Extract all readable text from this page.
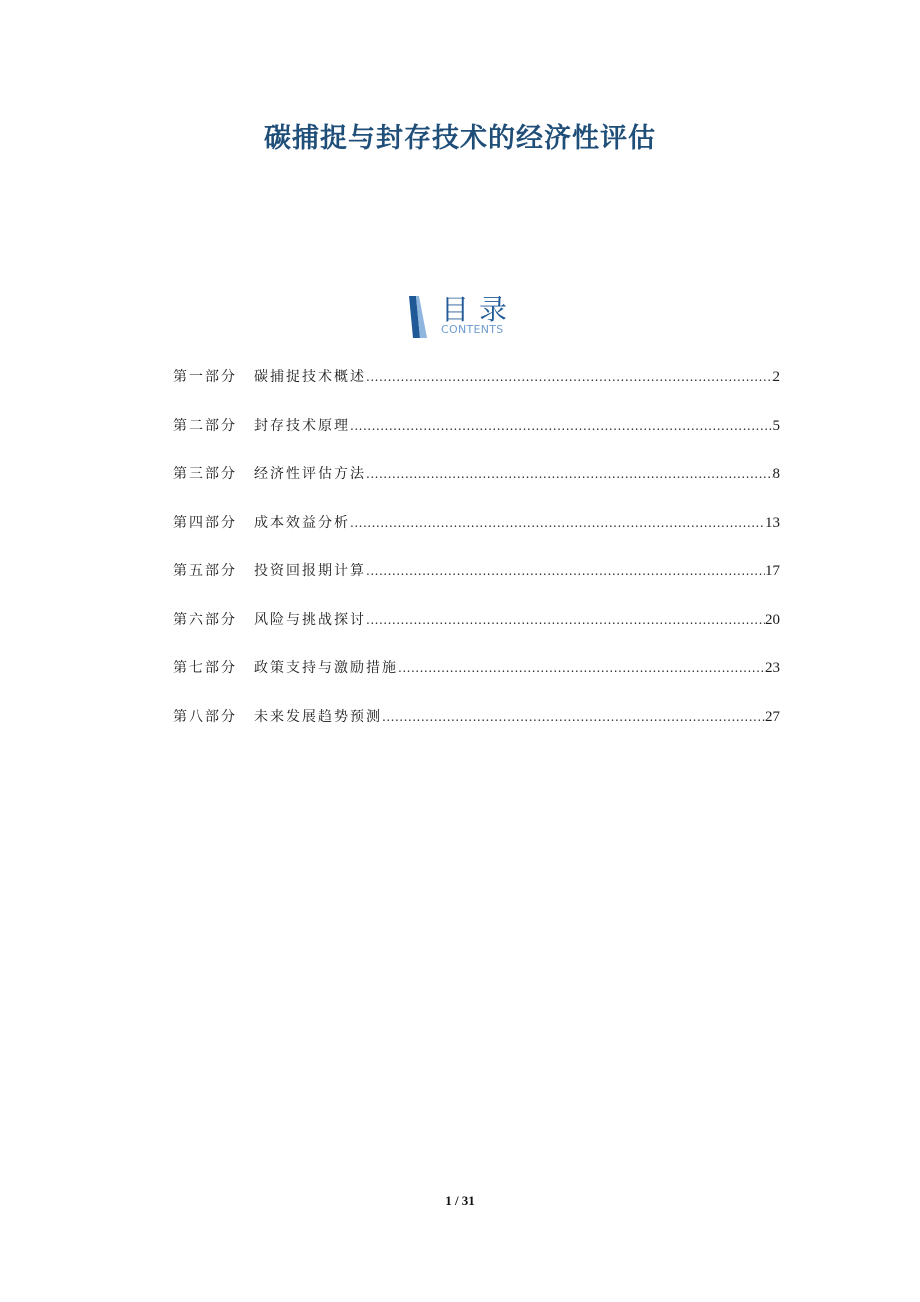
碳捕捉与封存技术的经济性评估
目录
CONTENTS
第一部分	碳捕捉技术概述 .....	2
第二部分	封存技术原理 .....	5
第三部分	经济性评估方法 .....	8
第四部分	成本效益分析 .....	13
第五部分	投资回报期计算 .....	17
第六部分	风险与挑战探讨 .....	20
第七部分	政策支持与激励措施 .....	23
第八部分	未来发展趋势预测 .....	27
1 / 31
